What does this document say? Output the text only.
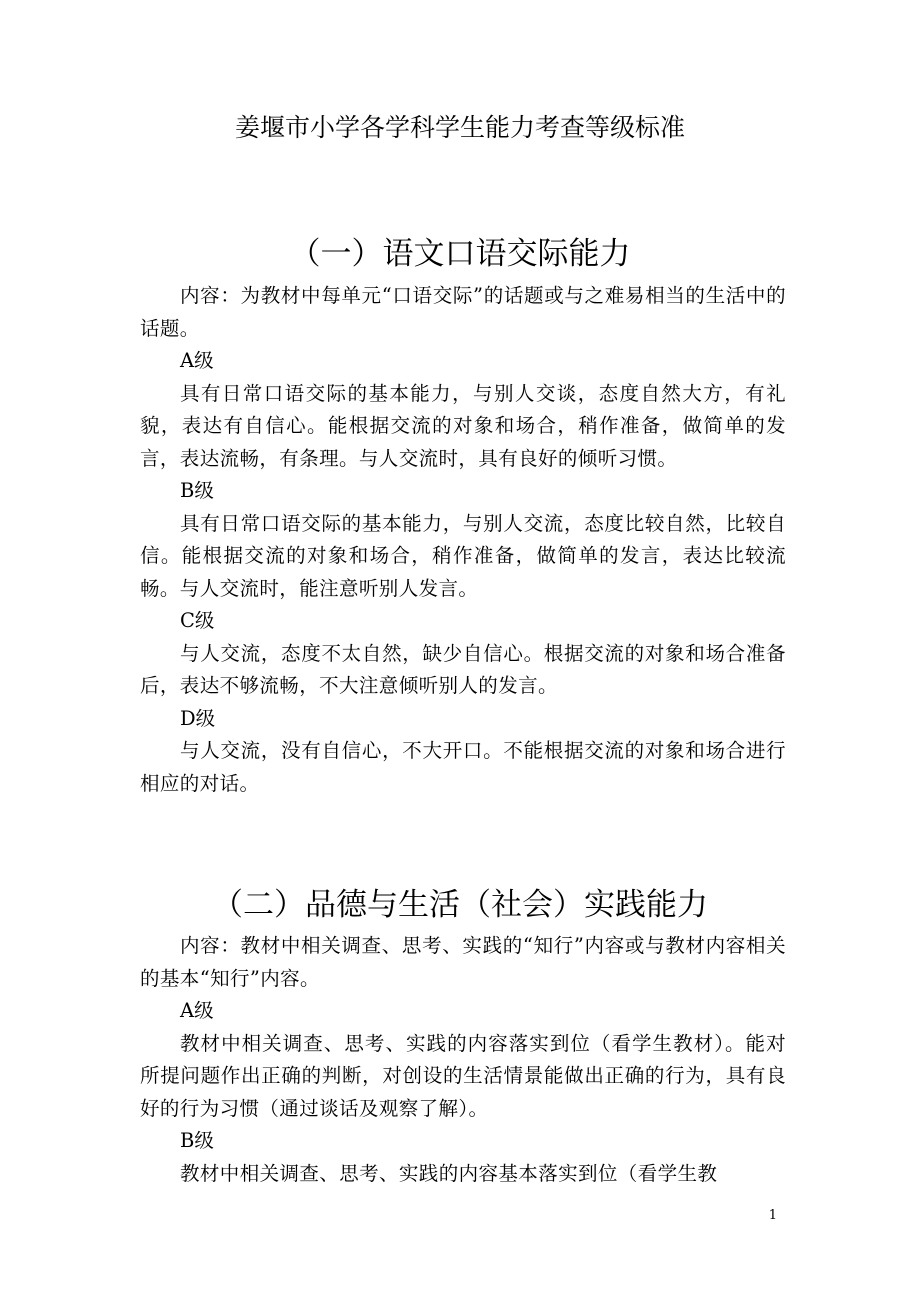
姜堰市小学各学科学生能力考查等级标准
（一）语文口语交际能力

内容：为教材中每单元“口语交际”的话题或与之难易相当的生活中的话题。

A级

具有日常口语交际的基本能力，与别人交谈，态度自然大方，有礼貌，表达有自信心。能根据交流的对象和场合，稍作准备，做简单的发言，表达流畅，有条理。与人交流时，具有良好的倾听习惯。

B级

具有日常口语交际的基本能力，与别人交流，态度比较自然，比较自信。能根据交流的对象和场合，稍作准备，做简单的发言，表达比较流畅。与人交流时，能注意听别人发言。

C级

与人交流，态度不太自然，缺少自信心。根据交流的对象和场合准备后，表达不够流畅，不大注意倾听别人的发言。

D级

与人交流，没有自信心，不大开口。不能根据交流的对象和场合进行相应的对话。

（二）品德与生活（社会）实践能力

内容：教材中相关调查、思考、实践的“知行”内容或与教材内容相关的基本“知行”内容。

A级

教材中相关调查、思考、实践的内容落实到位（看学生教材）。能对所提问题作出正确的判断，对创设的生活情景能做出正确的行为，具有良好的行为习惯（通过谈话及观察了解）。

B级

教材中相关调查、思考、实践的内容基本落实到位（看学生教

1
